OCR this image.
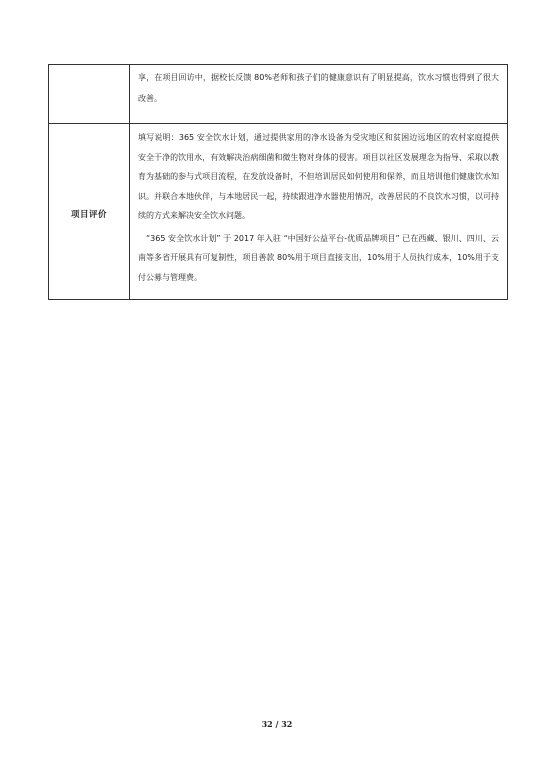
	享，在项目回访中，据校长反馈 80%老师和孩子们的健康意识有了明显提高，饮水习惯也得到了很大改善。

项目评价	填写说明：365 安全饮水计划，通过提供家用的净水设备为受灾地区和贫困边远地区的农村家庭提供安全干净的饮用水，有效解决治病细菌和微生物对身体的侵害。项目以社区发展理念为指导、采取以教育为基础的参与式项目流程，在发放设备时，不但培训居民如何使用和保养，而且培训他们健康饮水知识。并联合本地伙伴，与本地居民一起，持续跟进净水器使用情况，改善居民的不良饮水习惯，以可持续的方式来解决安全饮水问题。

“365 安全饮水计划” 于 2017 年入驻 “中国好公益平台-优质品牌项目” 已在西藏、银川、四川、云南等多省开展具有可复制性，项目善款 80%用于项目直接支出，10%用于人员执行成本，10%用于支付公募与管理费。

32 / 32
